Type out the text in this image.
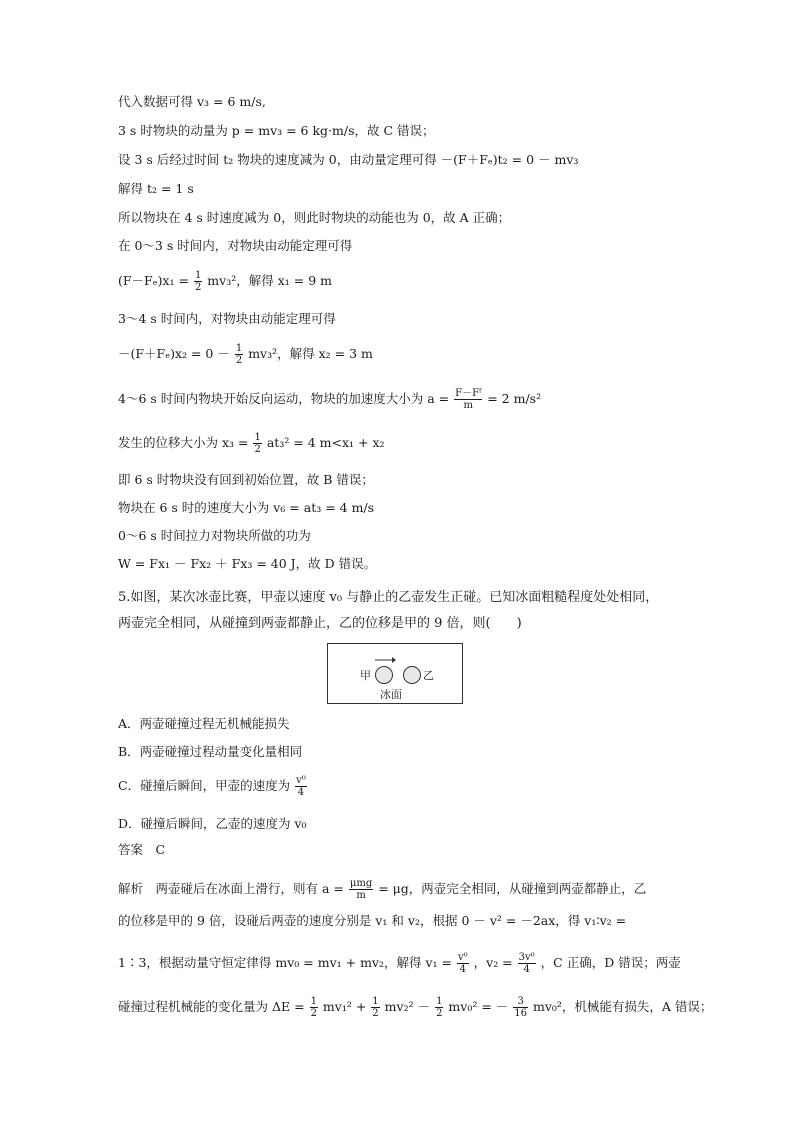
代入数据可得 v₃ = 6 m/s,
3 s 时物块的动量为 p = mv₃ = 6 kg·m/s，故 C 错误；
设 3 s 后经过时间 t₂ 物块的速度减为 0，由动量定理可得 －(F＋Fₑ)t₂ = 0 － mv₃
解得 t₂ = 1 s
所以物块在 4 s 时速度减为 0，则此时物块的动能也为 0，故 A 正确；
在 0～3 s 时间内，对物块由动能定理可得
$(F-F_e)x_1 = \frac{1}{2} mv_3^2$，解得 x₁ = 9 m
3～4 s 时间内，对物块由动能定理可得
$-(F+F_e)x_2 = 0 - \frac{1}{2} mv_3^2$，解得 x₂ = 3 m
4～6 s 时间内物块开始反向运动，物块的加速度大小为 $a = \frac{\text{F－Fᶠ}}{m} = 2$ m/s²
发生的位移大小为 $x_3 = \frac{1}{2} at_3^2 = 4$ m<x₁ + x₂
即 6 s 时物块没有回到初始位置，故 B 错误；
物块在 6 s 时的速度大小为 v₆ = at₃ = 4 m/s
0～6 s 时间拉力对物块所做的功为
W = Fx₁ － Fx₂ ＋ Fx₃ = 40 J，故 D 错误。
5.如图，某次冰壶比赛，甲壶以速度 v₀ 与静止的乙壶发生正碰。已知冰面粗糙程度处处相同，
两壶完全相同，从碰撞到两壶都静止，乙的位移是甲的 9 倍，则(　　)
甲	乙
冰面
A．两壶碰撞过程无机械能损失
B．两壶碰撞过程动量变化量相同
C．碰撞后瞬间，甲壶的速度为 $\frac{\text{v⁰}}{4}$
D．碰撞后瞬间，乙壶的速度为 v₀
答案　C
解析　两壶碰后在冰面上滑行，则有 $a = \frac{\text{μmg}}{m} = \mu g$，两壶完全相同，从碰撞到两壶都静止，乙
的位移是甲的 9 倍，设碰后两壶的速度分别是 v₁ 和 v₂，根据 0 － v² = －2ax，得 v₁∶v₂ =
1∶3，根据动量守恒定律得 mv₀ = mv₁ + mv₂，解得 $v_1 = \frac{\text{v⁰}}{4}$ ，$v_2 = \frac{\text{3v⁰}}{4}$ ，C 正确，D 错误；两壶
碰撞过程机械能的变化量为 $\Delta E = \frac{1}{2} mv_1^2 + \frac{1}{2} mv_2^2 - \frac{1}{2} mv_0^2$ = － $\frac{3}{16} mv_0^2$，机械能有损失，A 错误；
